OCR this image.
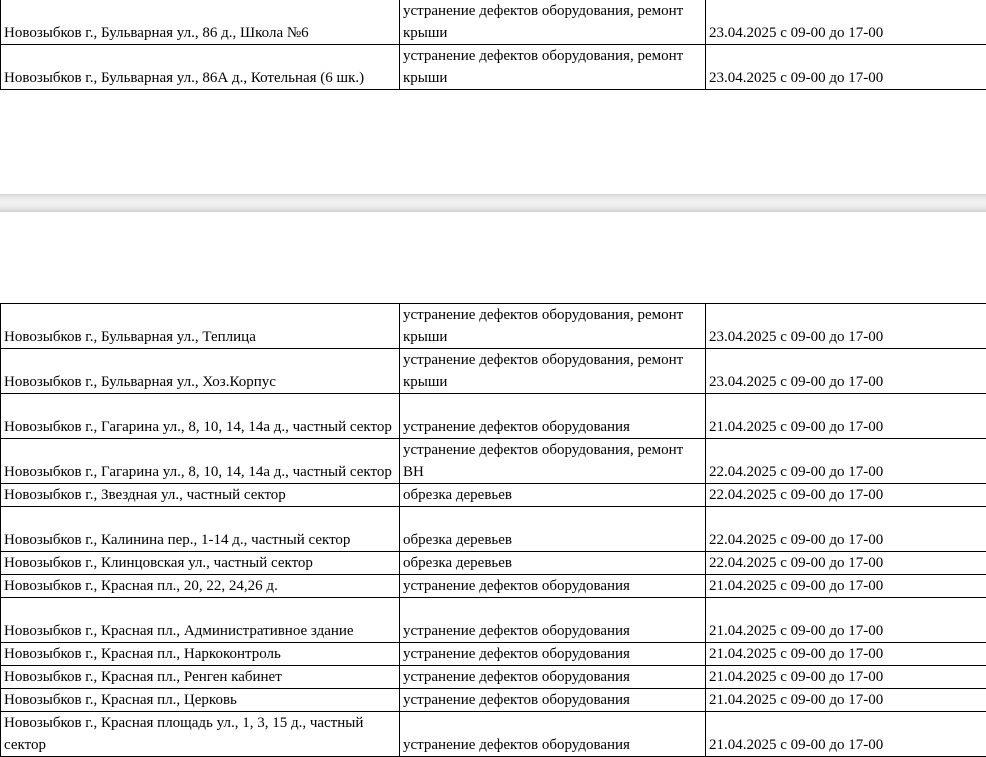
Новозыбков г., Бульварная ул., 86 д., Школа №6	устранение дефектов оборудования, ремонт крыши	23.04.2025 с 09-00 до 17-00
Новозыбков г., Бульварная ул., 86А д., Котельная (6 шк.)	устранение дефектов оборудования, ремонт крыши	23.04.2025 с 09-00 до 17-00
Новозыбков г., Бульварная ул., Теплица	устранение дефектов оборудования, ремонт крыши	23.04.2025 с 09-00 до 17-00
Новозыбков г., Бульварная ул., Хоз.Корпус	устранение дефектов оборудования, ремонт крыши	23.04.2025 с 09-00 до 17-00
Новозыбков г., Гагарина ул., 8, 10, 14, 14а д., частный сектор	устранение дефектов оборудования	21.04.2025 с 09-00 до 17-00
Новозыбков г., Гагарина ул., 8, 10, 14, 14а д., частный сектор	устранение дефектов оборудования, ремонт ВН	22.04.2025 с 09-00 до 17-00
Новозыбков г., Звездная ул., частный сектор	обрезка деревьев	22.04.2025 с 09-00 до 17-00
Новозыбков г., Калинина пер., 1-14 д., частный сектор	обрезка деревьев	22.04.2025 с 09-00 до 17-00
Новозыбков г., Клинцовская ул., частный сектор	обрезка деревьев	22.04.2025 с 09-00 до 17-00
Новозыбков г., Красная пл., 20, 22, 24,26 д.	устранение дефектов оборудования	21.04.2025 с 09-00 до 17-00
Новозыбков г., Красная пл., Административное здание	устранение дефектов оборудования	21.04.2025 с 09-00 до 17-00
Новозыбков г., Красная пл., Наркоконтроль	устранение дефектов оборудования	21.04.2025 с 09-00 до 17-00
Новозыбков г., Красная пл., Ренген кабинет	устранение дефектов оборудования	21.04.2025 с 09-00 до 17-00
Новозыбков г., Красная пл., Церковь	устранение дефектов оборудования	21.04.2025 с 09-00 до 17-00
Новозыбков г., Красная площадь ул., 1, 3, 15 д., частный сектор	устранение дефектов оборудования	21.04.2025 с 09-00 до 17-00
